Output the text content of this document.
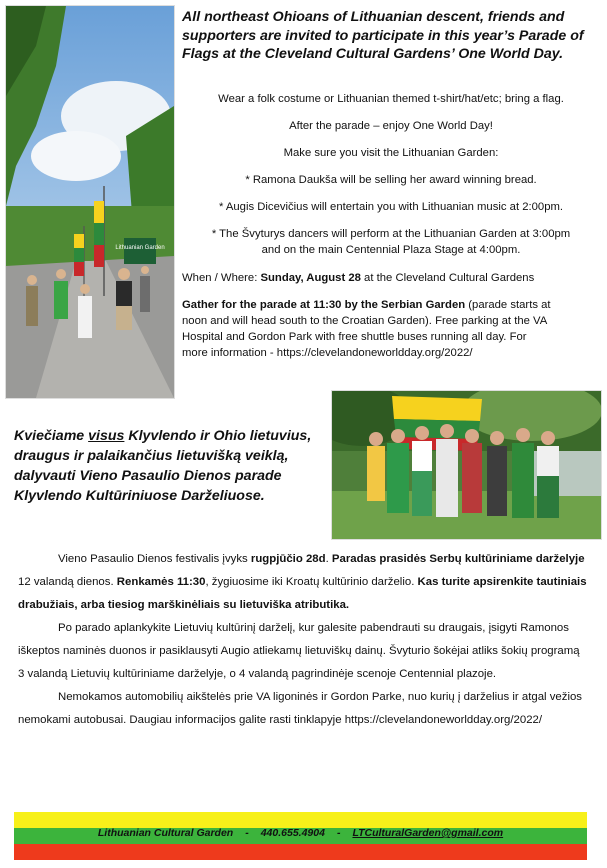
Lithuanian Garden
All northeast Ohioans of Lithuanian descent, friends and supporters are invited to participate in this year’s Parade of Flags at the Cleveland Cultural Gardens’ One World Day.
Wear a folk costume or Lithuanian themed t-shirt/hat/etc; bring a flag.
After the parade – enjoy One World Day!
Make sure you visit the Lithuanian Garden:
* Ramona Daukša will be selling her award winning bread.
* Augis Dicevičius will entertain you with Lithuanian music at 2:00pm.
* The Švyturys dancers will perform at the Lithuanian Garden at 3:00pm
and on the main Centennial Plaza Stage at 4:00pm.
When / Where: Sunday, August 28 at the Cleveland Cultural Gardens
Gather for the parade at 11:30 by the Serbian Garden (parade starts at
noon and will head south to the Croatian Garden). Free parking at the VA
Hospital and Gordon Park with free shuttle buses running all day. For
more information - https://clevelandoneworldday.org/2022/
Kviečiame visus Klyvlendo ir Ohio lietuvius, draugus ir palaikančius lietuvišką veiklą, dalyvauti Vieno Pasaulio Dienos parade Klyvlendo Kultūriniuose Darželiuose.

Vieno Pasaulio Dienos festivalis įvyks rugpjūčio 28d. Paradas prasidės Serbų kultūriniame darželyje 12 valandą dienos. Renkamės 11:30, žygiuosime iki Kroatų kultūrinio darželio. Kas turite apsirenkite tautiniais drabužiais, arba tiesiog marškinėliais su lietuviška atributika.

Po parado aplankykite Lietuvių kultūrinį darželį, kur galesite pabendrauti su draugais, įsigyti Ramonos iškeptos naminės duonos ir pasiklausyti Augio atliekamų lietuviškų dainų. Švyturio šokėjai atliks šokių programą 3 valandą Lietuvių kultūriniame darželyje, o 4 valandą pagrindinėje scenoje Centennial plazoje.

Nemokamos automobilių aikštelės prie VA ligoninės ir Gordon Parke, nuo kurių į darželius ir atgal vežios nemokami autobusai. Daugiau informacijos galite rasti tinklapyje https://clevelandoneworldday.org/2022/

Lithuanian Cultural Garden - 440.655.4904 - LTCulturalGarden@gmail.com
